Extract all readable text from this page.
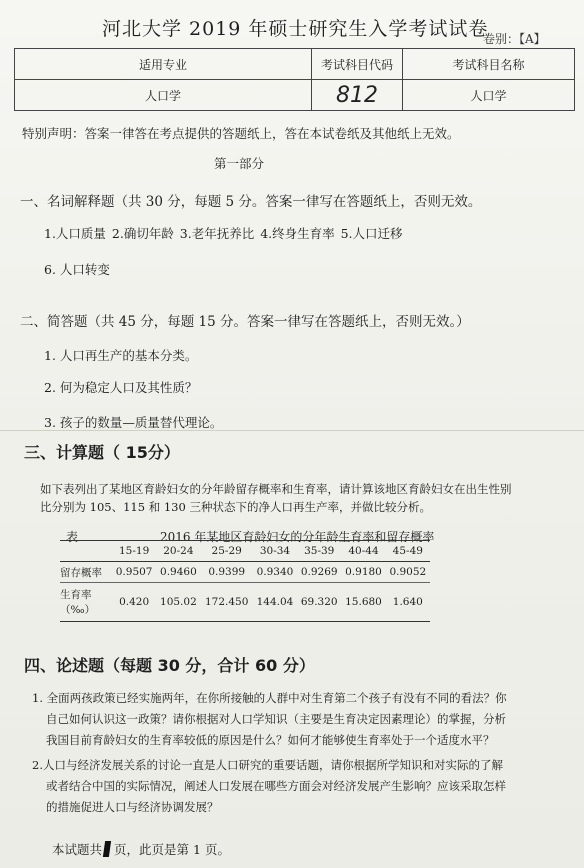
河北大学 2019 年硕士研究生入学考试试卷
卷别：【A】
适用专业	考试科目代码	考试科目名称
人口学	812	人口学
特别声明：答案一律答在考点提供的答题纸上，答在本试卷纸及其他纸上无效。
第一部分
一、名词解释题（共 30 分，每题 5 分。答案一律写在答题纸上，否则无效。
1.人口质量 2.确切年龄 3.老年抚养比 4.终身生育率 5.人口迁移
6. 人口转变
二、简答题（共 45 分，每题 15 分。答案一律写在答题纸上，否则无效。）
1. 人口再生产的基本分类。
2. 何为稳定人口及其性质？
3. 孩子的数量—质量替代理论。
三、计算题（ 15分）
如下表列出了某地区育龄妇女的分年龄留存概率和生育率，请计算该地区育龄妇女在出生性别
比分别为 105、115 和 130 三种状态下的净人口再生产率，并做比较分析。
表	2016 年某地区育龄妇女的分年龄生育率和留存概率
	15-19	20-24	25-29	30-34	35-39	40-44	45-49
留存概率	0.9507	0.9460	0.9399	0.9340	0.9269	0.9180	0.9052

生育率
（‰）	0.420	105.02	172.450	144.04	69.320	15.680	1.640
四、论述题（每题 30 分，合计 60 分）
1. 全面两孩政策已经实施两年，在你所接触的人群中对生育第二个孩子有没有不同的看法？你
自己如何认识这一政策？请你根据对人口学知识（主要是生育决定因素理论）的掌握，分析
我国目前育龄妇女的生育率较低的原因是什么？如何才能够使生育率处于一个适度水平？
2.人口与经济发展关系的讨论一直是人口研究的重要话题，请你根据所学知识和对实际的了解
或者结合中国的实际情况，阐述人口发展在哪些方面会对经济发展产生影响？应该采取怎样
的措施促进人口与经济协调发展？
本试题共 页，此页是第 1 页。
